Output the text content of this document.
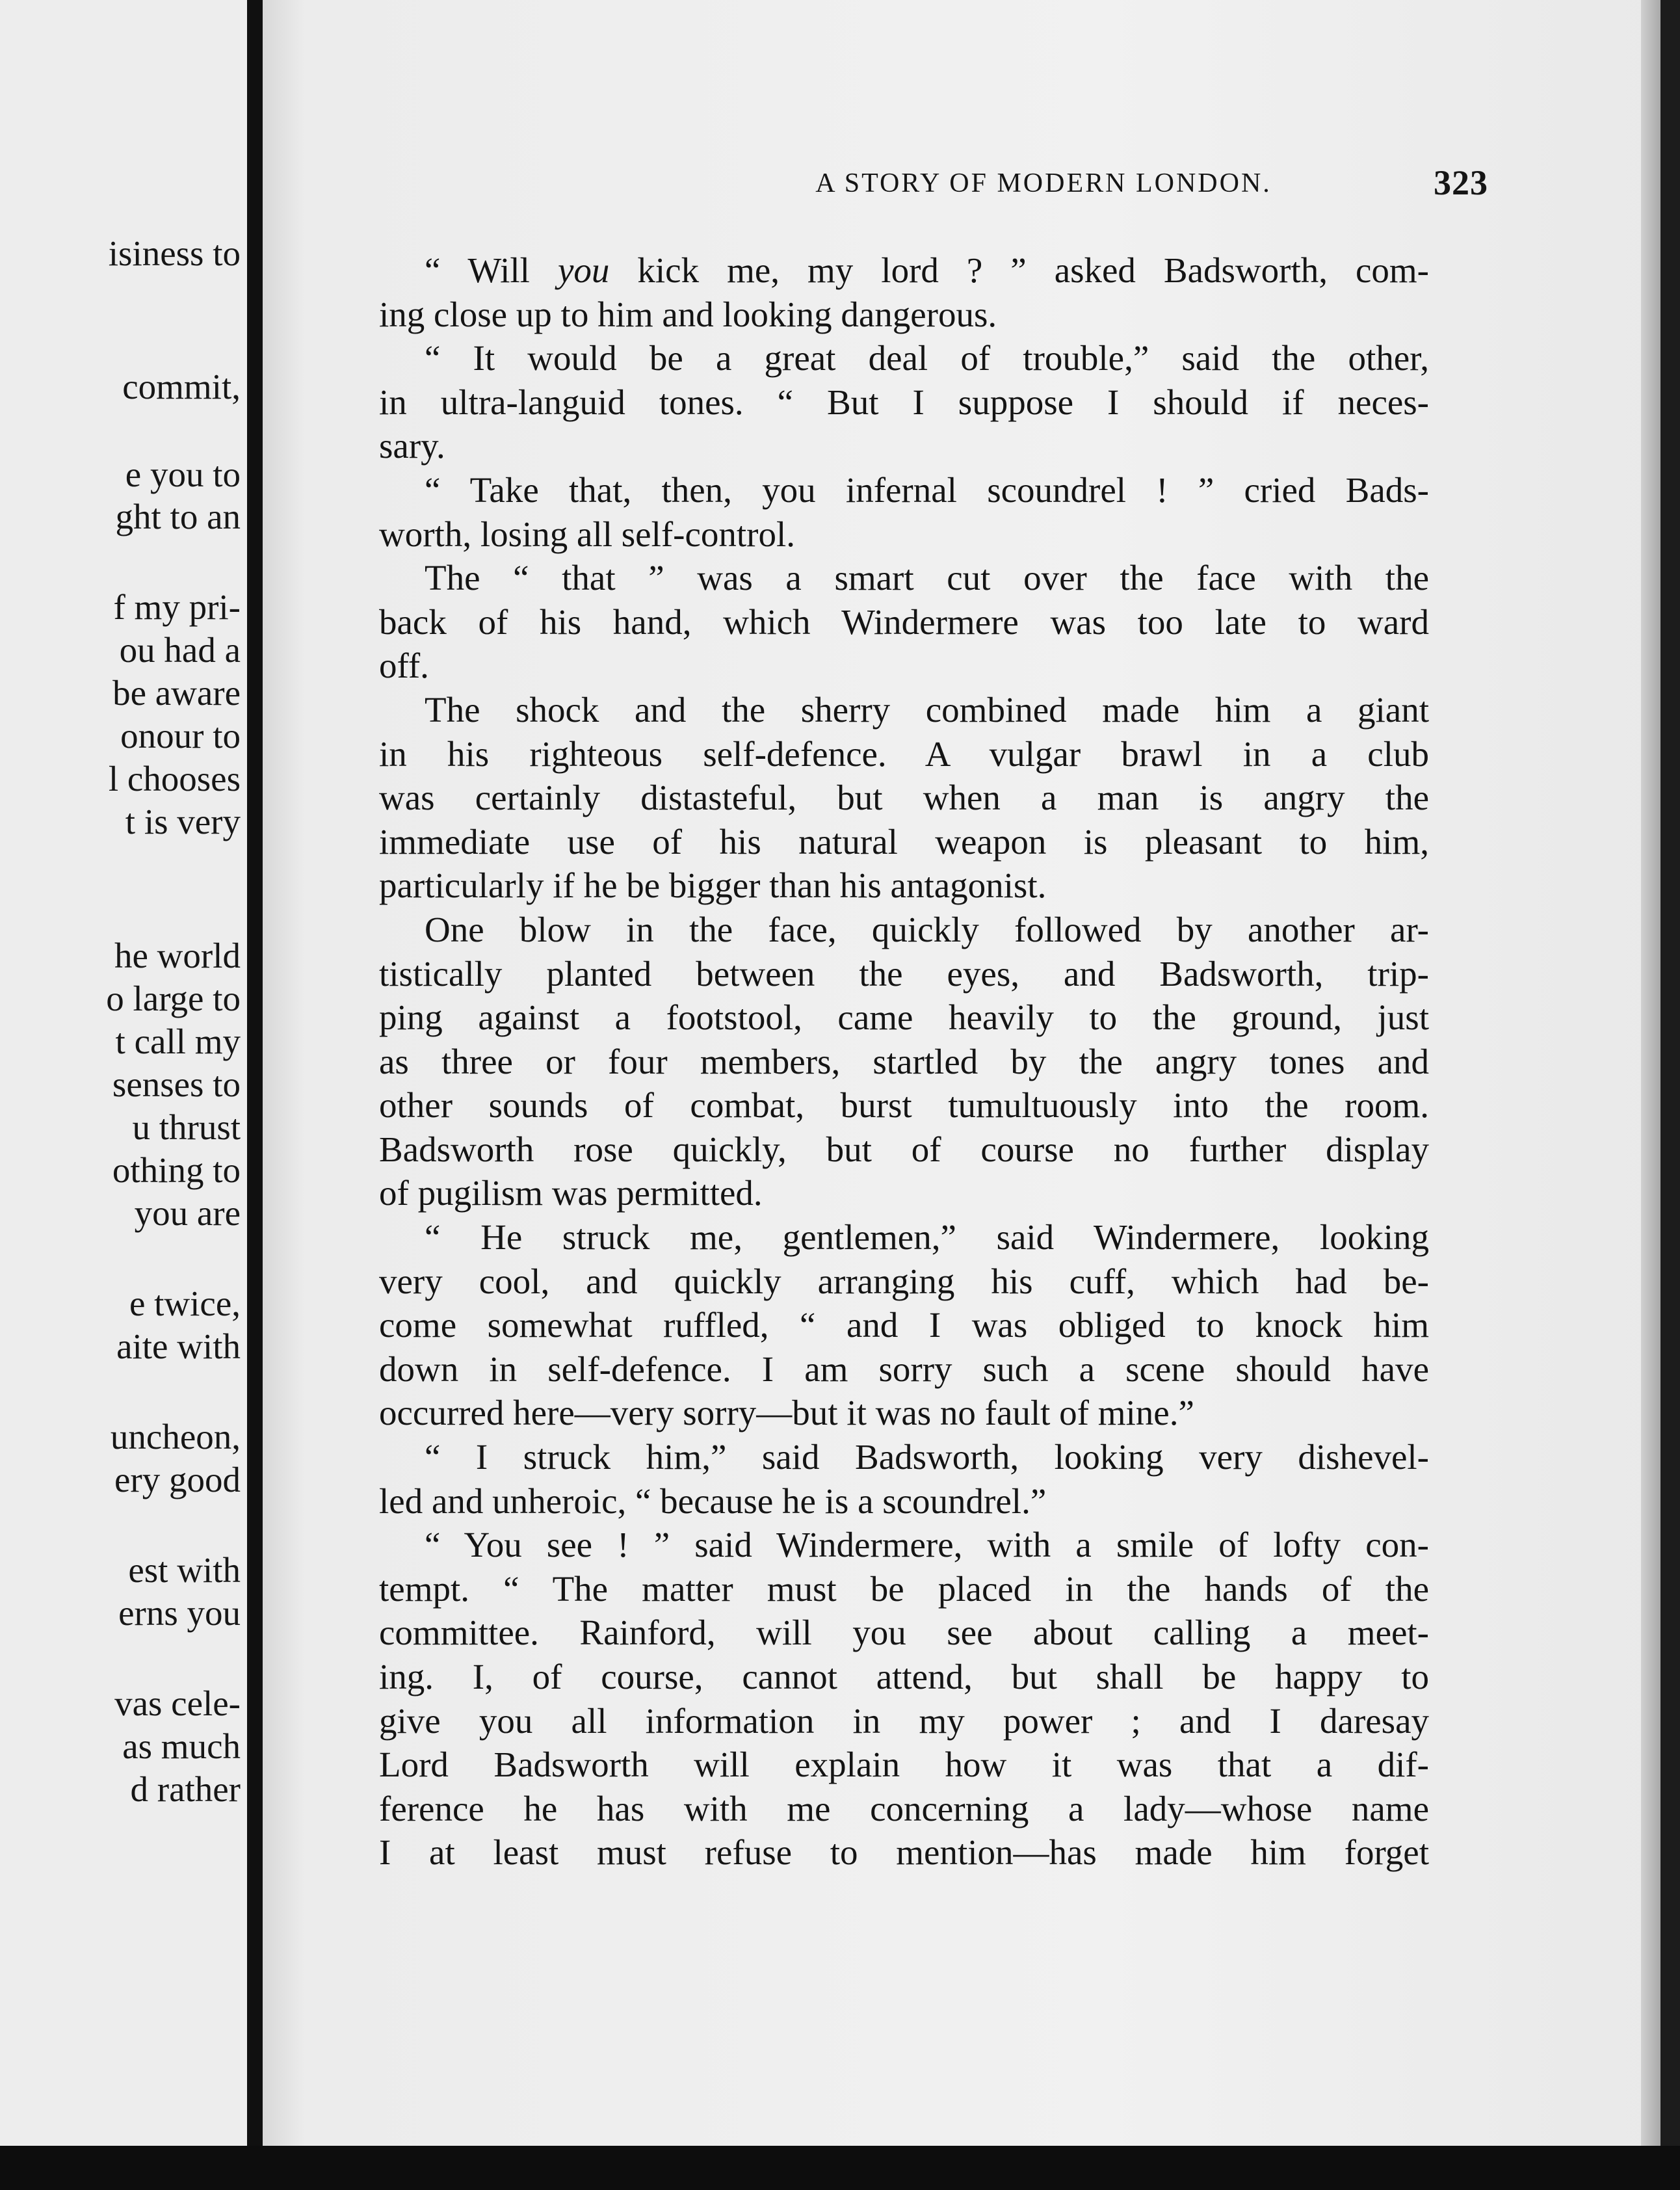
isiness to
commit,
e you to
ght to an
f my pri-
ou had a
be aware
onour to
l chooses
t is very
he world
o large to
t call my
senses to
u thrust
othing to
you are
e twice,
aite with
uncheon,
ery good
est with
erns you
vas cele-
as much
d rather
A STORY OF MODERN LONDON.	323
“ Will you kick me, my lord ? ” asked Badsworth, com-
ing close up to him and looking dangerous.
“ It would be a great deal of trouble,” said the other,
in ultra-languid tones. “ But I suppose I should if neces-
sary.
“ Take that, then, you infernal scoundrel ! ” cried Bads-
worth, losing all self-control.
The “ that ” was a smart cut over the face with the
back of his hand, which Windermere was too late to ward
off.
The shock and the sherry combined made him a giant
in his righteous self-defence. A vulgar brawl in a club
was certainly distasteful, but when a man is angry the
immediate use of his natural weapon is pleasant to him,
particularly if he be bigger than his antagonist.
One blow in the face, quickly followed by another ar-
tistically planted between the eyes, and Badsworth, trip-
ping against a footstool, came heavily to the ground, just
as three or four members, startled by the angry tones and
other sounds of combat, burst tumultuously into the room.
Badsworth rose quickly, but of course no further display
of pugilism was permitted.
“ He struck me, gentlemen,” said Windermere, looking
very cool, and quickly arranging his cuff, which had be-
come somewhat ruffled, “ and I was obliged to knock him
down in self-defence. I am sorry such a scene should have
occurred here—very sorry—but it was no fault of mine.”
“ I struck him,” said Badsworth, looking very dishevel-
led and unheroic, “ because he is a scoundrel.”
“ You see ! ” said Windermere, with a smile of lofty con-
tempt. “ The matter must be placed in the hands of the
committee. Rainford, will you see about calling a meet-
ing. I, of course, cannot attend, but shall be happy to
give you all information in my power ; and I daresay
Lord Badsworth will explain how it was that a dif-
ference he has with me concerning a lady—whose name
I at least must refuse to mention—has made him forget
